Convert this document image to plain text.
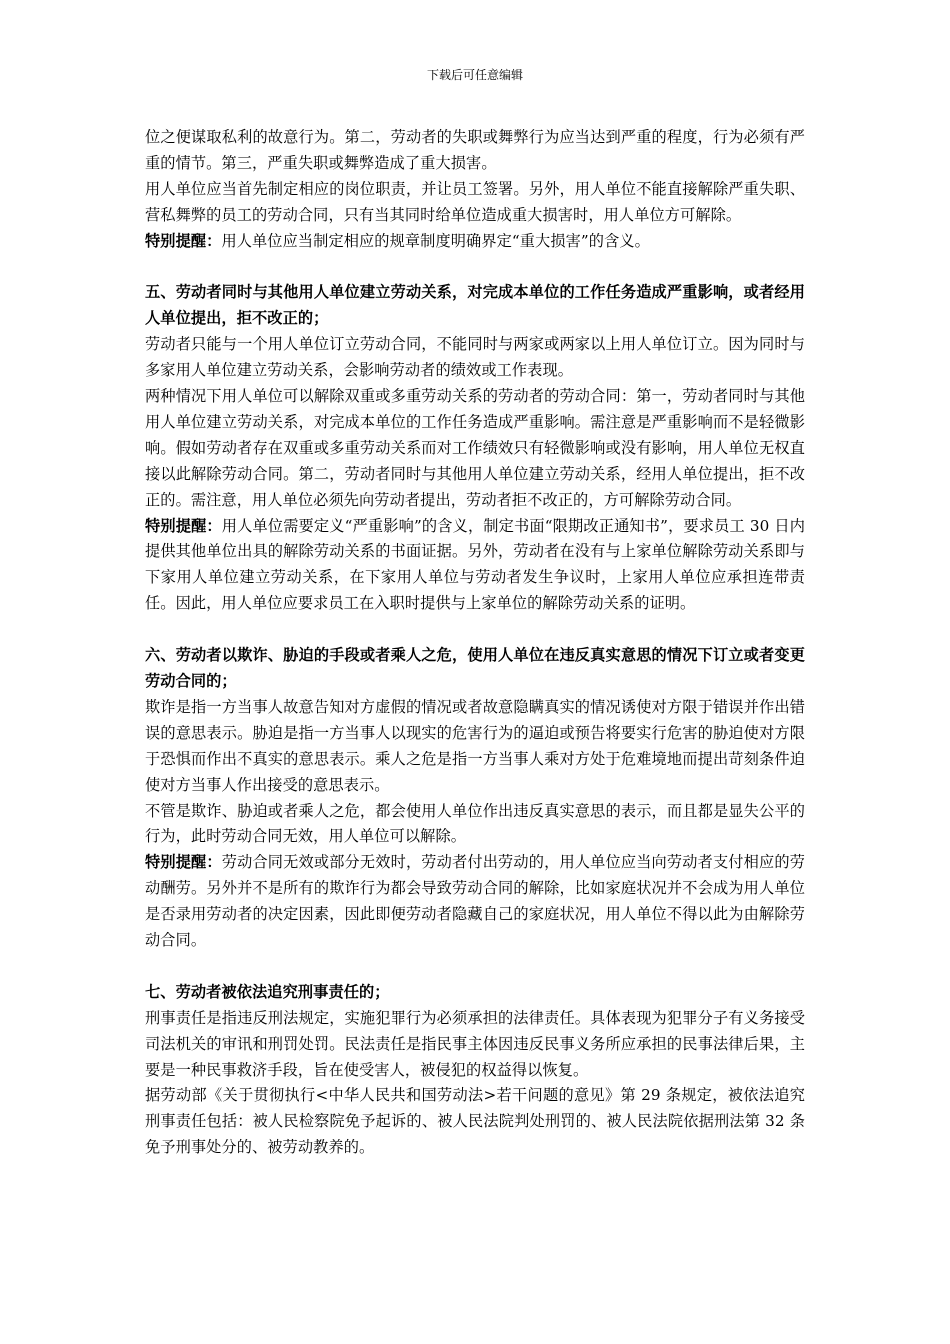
下载后可任意编辑

位之便谋取私利的故意行为。第二，劳动者的失职或舞弊行为应当达到严重的程度，行为必须有严重的情节。第三，严重失职或舞弊造成了重大损害。

用人单位应当首先制定相应的岗位职责，并让员工签署。另外，用人单位不能直接解除严重失职、营私舞弊的员工的劳动合同，只有当其同时给单位造成重大损害时，用人单位方可解除。

特别提醒：用人单位应当制定相应的规章制度明确界定“重大损害”的含义。

五、劳动者同时与其他用人单位建立劳动关系，对完成本单位的工作任务造成严重影响，或者经用人单位提出，拒不改正的；

劳动者只能与一个用人单位订立劳动合同，不能同时与两家或两家以上用人单位订立。因为同时与多家用人单位建立劳动关系，会影响劳动者的绩效或工作表现。

两种情况下用人单位可以解除双重或多重劳动关系的劳动者的劳动合同：第一，劳动者同时与其他用人单位建立劳动关系，对完成本单位的工作任务造成严重影响。需注意是严重影响而不是轻微影响。假如劳动者存在双重或多重劳动关系而对工作绩效只有轻微影响或没有影响，用人单位无权直接以此解除劳动合同。第二，劳动者同时与其他用人单位建立劳动关系，经用人单位提出，拒不改正的。需注意，用人单位必须先向劳动者提出，劳动者拒不改正的，方可解除劳动合同。

特别提醒：用人单位需要定义“严重影响”的含义，制定书面“限期改正通知书”，要求员工 30 日内提供其他单位出具的解除劳动关系的书面证据。另外，劳动者在没有与上家单位解除劳动关系即与下家用人单位建立劳动关系，在下家用人单位与劳动者发生争议时，上家用人单位应承担连带责任。因此，用人单位应要求员工在入职时提供与上家单位的解除劳动关系的证明。

六、劳动者以欺诈、胁迫的手段或者乘人之危，使用人单位在违反真实意思的情况下订立或者变更劳动合同的；

欺诈是指一方当事人故意告知对方虚假的情况或者故意隐瞒真实的情况诱使对方限于错误并作出错误的意思表示。胁迫是指一方当事人以现实的危害行为的逼迫或预告将要实行危害的胁迫使对方限于恐惧而作出不真实的意思表示。乘人之危是指一方当事人乘对方处于危难境地而提出苛刻条件迫使对方当事人作出接受的意思表示。

不管是欺诈、胁迫或者乘人之危，都会使用人单位作出违反真实意思的表示，而且都是显失公平的行为，此时劳动合同无效，用人单位可以解除。

特别提醒：劳动合同无效或部分无效时，劳动者付出劳动的，用人单位应当向劳动者支付相应的劳动酬劳。另外并不是所有的欺诈行为都会导致劳动合同的解除，比如家庭状况并不会成为用人单位是否录用劳动者的决定因素，因此即便劳动者隐藏自己的家庭状况，用人单位不得以此为由解除劳动合同。

七、劳动者被依法追究刑事责任的；

刑事责任是指违反刑法规定，实施犯罪行为必须承担的法律责任。具体表现为犯罪分子有义务接受司法机关的审讯和刑罚处罚。民法责任是指民事主体因违反民事义务所应承担的民事法律后果，主要是一种民事救济手段，旨在使受害人，被侵犯的权益得以恢复。

据劳动部《关于贯彻执行<中华人民共和国劳动法>若干问题的意见》第 29 条规定，被依法追究刑事责任包括：被人民检察院免予起诉的、被人民法院判处刑罚的、被人民法院依据刑法第 32 条免予刑事处分的、被劳动教养的。
